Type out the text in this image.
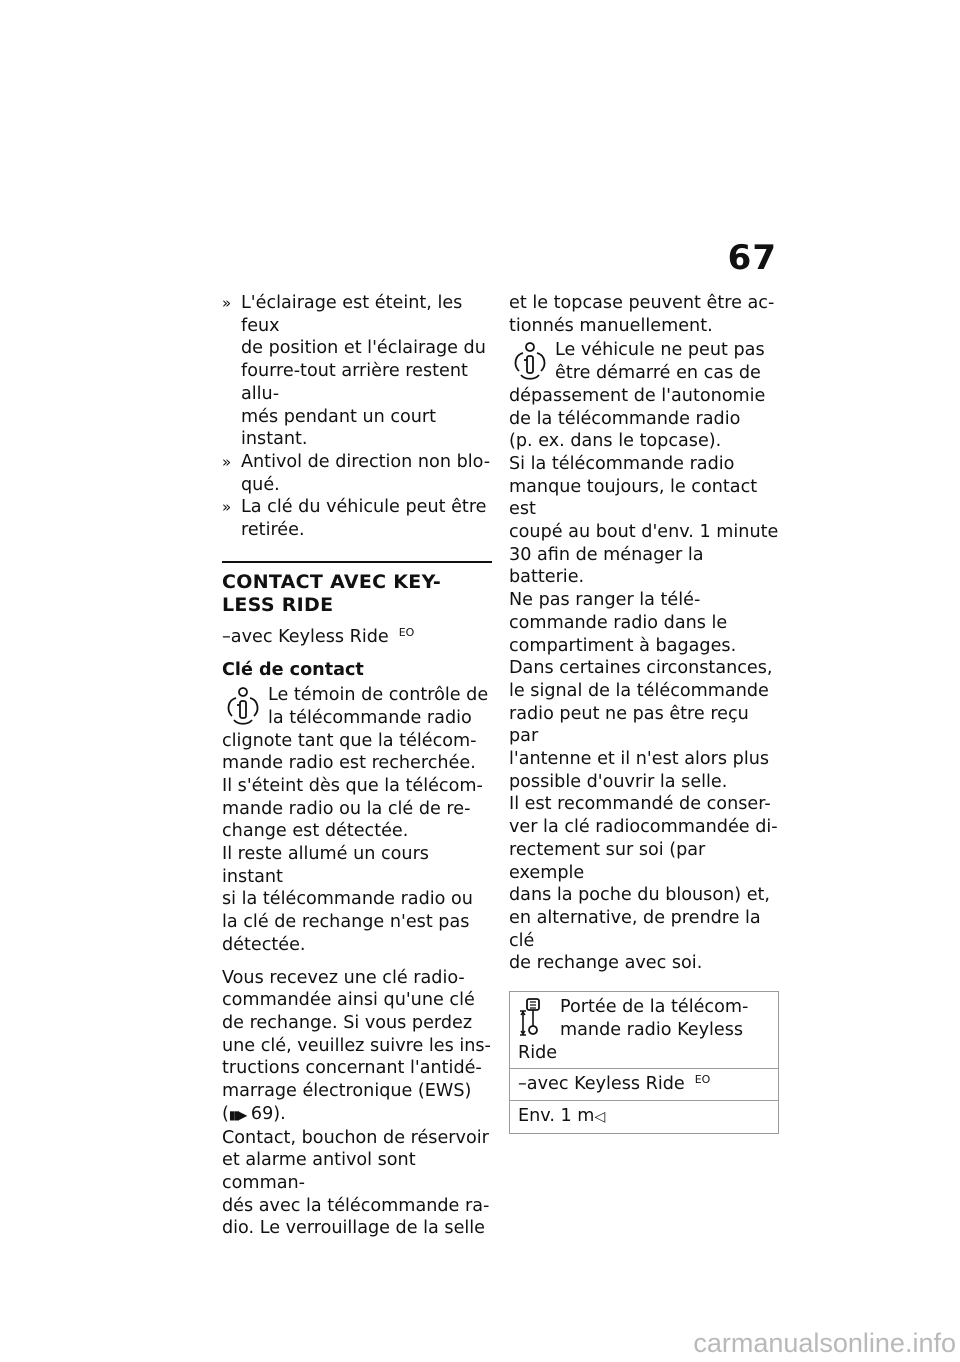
67

» L'éclairage est éteint, les feux
de position et l'éclairage du
fourre-tout arrière restent allu-
més pendant un court instant.

» Antivol de direction non blo-
qué.

» La clé du véhicule peut être
retirée.

CONTACT AVEC KEY-
LESS RIDE

–avec Keyless Ride $^{EO}$

Clé de contact

Le témoin de contrôle de
la télécommande radio

clignote tant que la télécom-
mande radio est recherchée.
Il s'éteint dès que la télécom-
mande radio ou la clé de re-
change est détectée.
Il reste allumé un cours instant
si la télécommande radio ou
la clé de rechange n'est pas
détectée.

Vous recevez une clé radio-
commandée ainsi qu'une clé
de rechange. Si vous perdez
une clé, veuillez suivre les ins-
tructions concernant l'antidé-
marrage électronique (EWS)
(▮▮▶ 69).

Contact, bouchon de réservoir
et alarme antivol sont comman-
dés avec la télécommande ra-
dio. Le verrouillage de la selle

et le topcase peuvent être ac-
tionnés manuellement.

Le véhicule ne peut pas
être démarré en cas de

dépassement de l'autonomie
de la télécommande radio
(p. ex. dans le topcase).
Si la télécommande radio
manque toujours, le contact est
coupé au bout d'env. 1 minute
30 afin de ménager la batterie.
Ne pas ranger la télé-
commande radio dans le
compartiment à bagages.
Dans certaines circonstances,
le signal de la télécommande
radio peut ne pas être reçu par
l'antenne et il n'est alors plus
possible d'ouvrir la selle.
Il est recommandé de conser-
ver la clé radiocommandée di-
rectement sur soi (par exemple
dans la poche du blouson) et,
en alternative, de prendre la clé
de rechange avec soi.

Portée de la télécom-
mande radio Keyless
Ride
–avec Keyless Ride $^{EO}$
Env. 1 m◁
carmanualsonline.info
